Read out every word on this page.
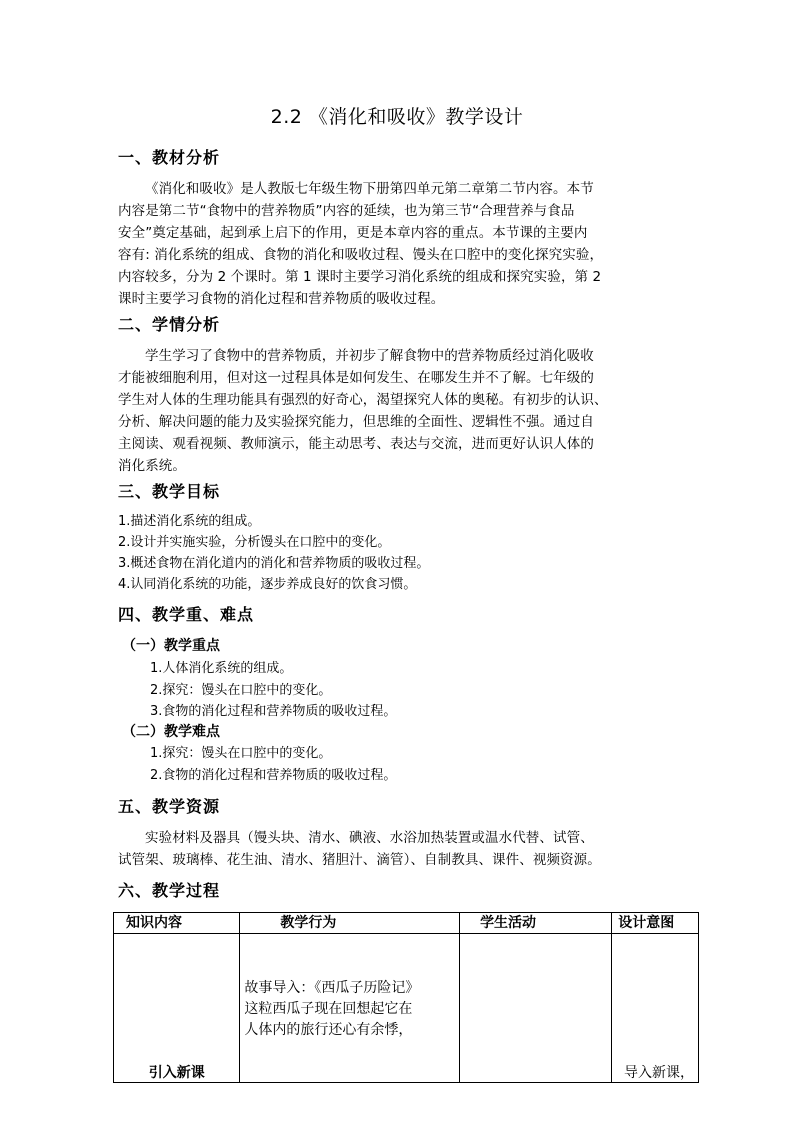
2.2 《消化和吸收》教学设计
一、教材分析
《消化和吸收》是人教版七年级生物下册第四单元第二章第二节内容。本节
内容是第二节“食物中的营养物质”内容的延续，也为第三节“合理营养与食品
安全”奠定基础，起到承上启下的作用，更是本章内容的重点。本节课的主要内
容有: 消化系统的组成、食物的消化和吸收过程、馒头在口腔中的变化探究实验，
内容较多，分为 2 个课时。第 1 课时主要学习消化系统的组成和探究实验，第 2
课时主要学习食物的消化过程和营养物质的吸收过程。
二、学情分析
学生学习了食物中的营养物质，并初步了解食物中的营养物质经过消化吸收
才能被细胞利用，但对这一过程具体是如何发生、在哪发生并不了解。七年级的
学生对人体的生理功能具有强烈的好奇心，渴望探究人体的奥秘。有初步的认识、
分析、解决问题的能力及实验探究能力，但思维的全面性、逻辑性不强。通过自
主阅读、观看视频、教师演示，能主动思考、表达与交流，进而更好认识人体的
消化系统。
三、教学目标
1.描述消化系统的组成。
2.设计并实施实验，分析馒头在口腔中的变化。
3.概述食物在消化道内的消化和营养物质的吸收过程。
4.认同消化系统的功能，逐步养成良好的饮食习惯。
四、教学重、难点
（一）教学重点
1.人体消化系统的组成。
2.探究：馒头在口腔中的变化。
3.食物的消化过程和营养物质的吸收过程。
（二）教学难点
1.探究：馒头在口腔中的变化。
2.食物的消化过程和营养物质的吸收过程。
五、教学资源
实验材料及器具（馒头块、清水、碘液、水浴加热装置或温水代替、试管、
试管架、玻璃棒、花生油、清水、猪胆汁、滴管）、自制教具、课件、视频资源。
六、教学过程
知识内容	教学行为	学生活动	设计意图
引入新课	故事导入：《西瓜子历险记》
这粒西瓜子现在回想起它在
人体内的旅行还心有余悸，		导入新课，
